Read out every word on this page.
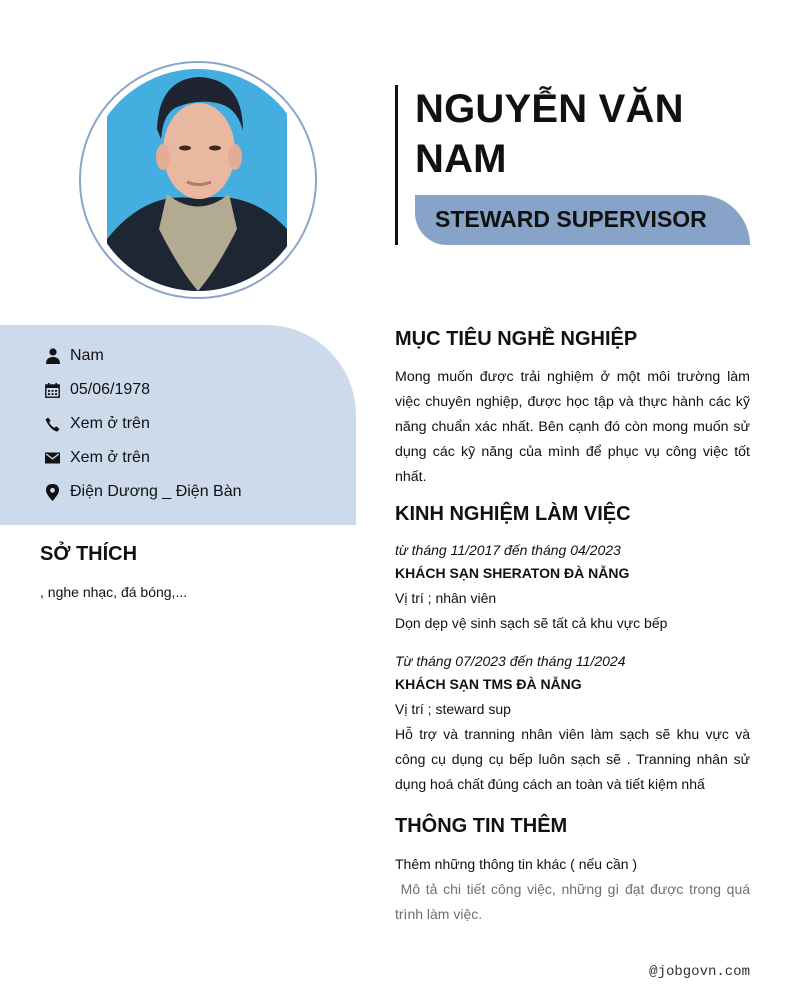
NGUYỄN VĂN NAM
STEWARD SUPERVISOR
Nam
05/06/1978
Xem ở trên
Xem ở trên
Điện Dương _ Điện Bàn
SỞ THÍCH
, nghe nhạc, đá bóng,...
MỤC TIÊU NGHỀ NGHIỆP
Mong muốn được trải nghiệm ở một môi trường làm việc chuyên nghiệp, được học tập và thực hành các kỹ năng chuẩn xác nhất. Bên cạnh đó còn mong muốn sử dụng các kỹ năng của mình để phục vụ công việc tốt nhất.
KINH NGHIỆM LÀM VIỆC
từ tháng 11/2017 đến tháng 04/2023
KHÁCH SẠN SHERATON ĐÀ NẴNG
Vị trí ; nhân viên
Dọn dẹp vệ sinh sạch sẽ tất cả khu vực bếp
Từ tháng 07/2023 đến tháng 11/2024
KHÁCH SẠN TMS ĐÀ NẴNG
Vị trí ; steward sup
Hỗ trợ và tranning nhân viên làm sạch sẽ khu vực và công cụ dụng cụ bếp luôn sạch sẽ . Tranning nhân sử dụng hoá chất đúng cách an toàn và tiết kiệm nhấ
THÔNG TIN THÊM
Thêm những thông tin khác ( nếu cần )
Mô tả chi tiết công việc, những gì đạt được trong quá trình làm việc.
@jobgovn.com
